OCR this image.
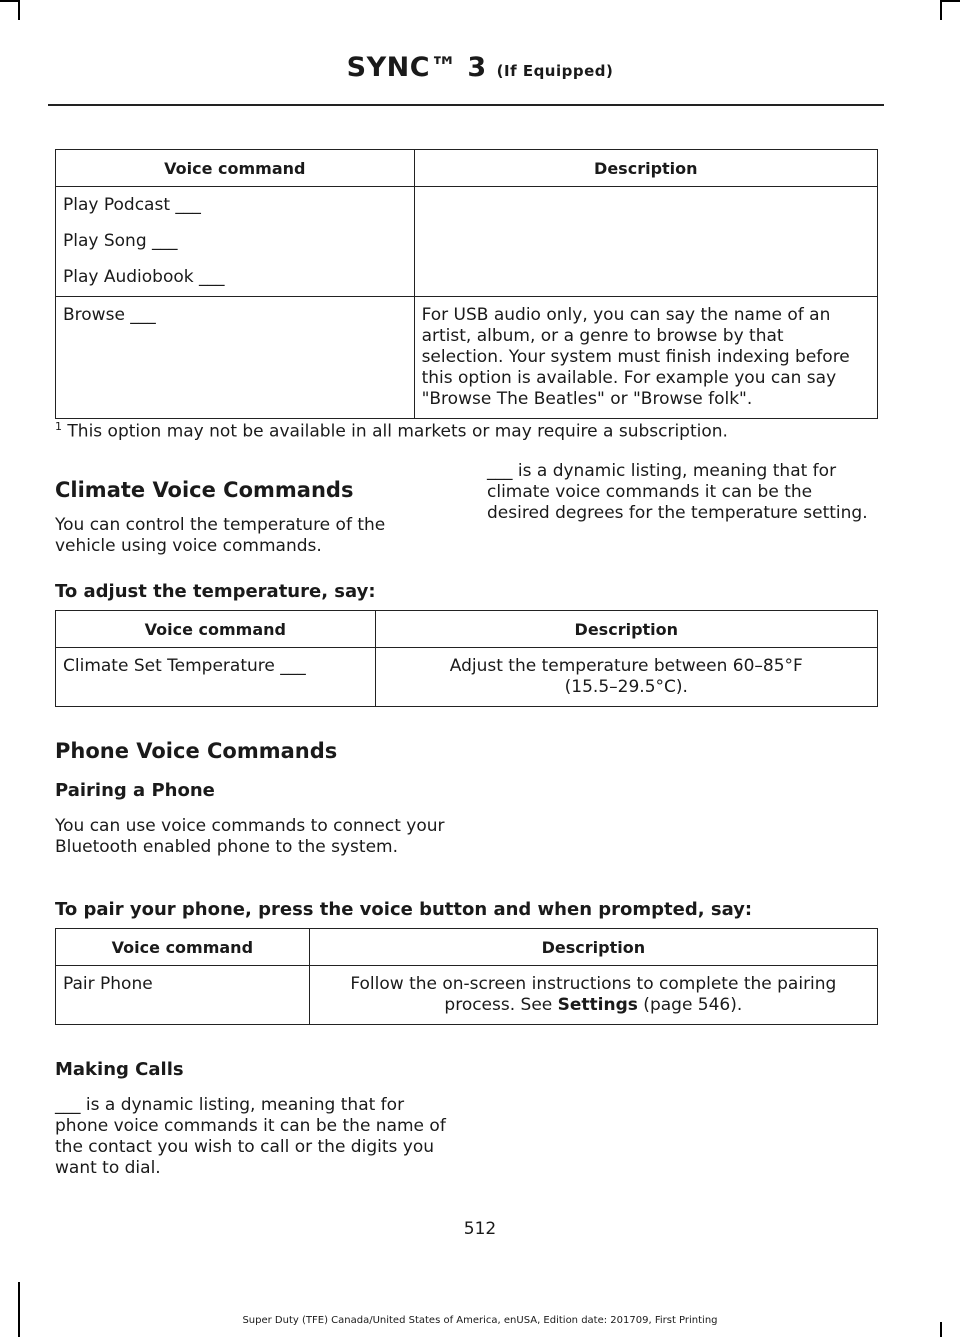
SYNC™ 3 (If Equipped)
Voice command	Description

Play Podcast ___
Play Song ___
Play Audiobook ___	

Browse ___	For USB audio only, you can say the name of an artist, album, or a genre to browse by that selection. Your system must finish indexing before this option is available. For example you can say "Browse The Beatles" or "Browse folk".
$^1$ This option may not be available in all markets or may require a subscription.
Climate Voice Commands
You can control the temperature of the vehicle using voice commands.
___ is a dynamic listing, meaning that for climate voice commands it can be the desired degrees for the temperature setting.
To adjust the temperature, say:
Voice command	Description
Climate Set Temperature ___	Adjust the temperature between 60–85°F (15.5–29.5°C).
Phone Voice Commands
Pairing a Phone
You can use voice commands to connect your Bluetooth enabled phone to the system.
To pair your phone, press the voice button and when prompted, say:
Voice command	Description
Pair Phone	Follow the on-screen instructions to complete the pairing process. See Settings (page 546).
Making Calls
___ is a dynamic listing, meaning that for phone voice commands it can be the name of the contact you wish to call or the digits you want to dial.
512
Super Duty (TFE) Canada/United States of America, enUSA, Edition date: 201709, First Printing
